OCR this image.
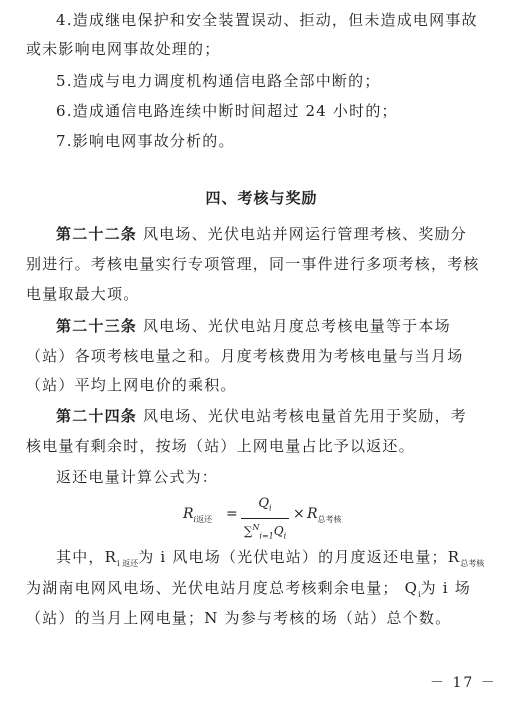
4.造成继电保护和安全装置误动、拒动，但未造成电网事故
或未影响电网事故处理的；
5.造成与电力调度机构通信电路全部中断的；
6.造成通信电路连续中断时间超过 24 小时的；
7.影响电网事故分析的。
四、考核与奖励
第二十二条 风电场、光伏电站并网运行管理考核、奖励分
别进行。考核电量实行专项管理，同一事件进行多项考核，考核
电量取最大项。
第二十三条 风电场、光伏电站月度总考核电量等于本场
（站）各项考核电量之和。月度考核费用为考核电量与当月场
（站）平均上网电价的乘积。
第二十四条 风电场、光伏电站考核电量首先用于奖励，考
核电量有剩余时，按场（站）上网电量占比予以返还。
返还电量计算公式为：
$R_{i返还}$ =
$Q_i$
$\sum^N_{i=1}Q_i$
× $R_{总考核}$
其中，$R_{i 返还}$为 i 风电场（光伏电站）的月度返还电量；$R_{总考核}$
为湖南电网风电场、光伏电站月度总考核剩余电量； $Q_i$为 i 场
（站）的当月上网电量；N 为参与考核的场（站）总个数。
－ 17 －
